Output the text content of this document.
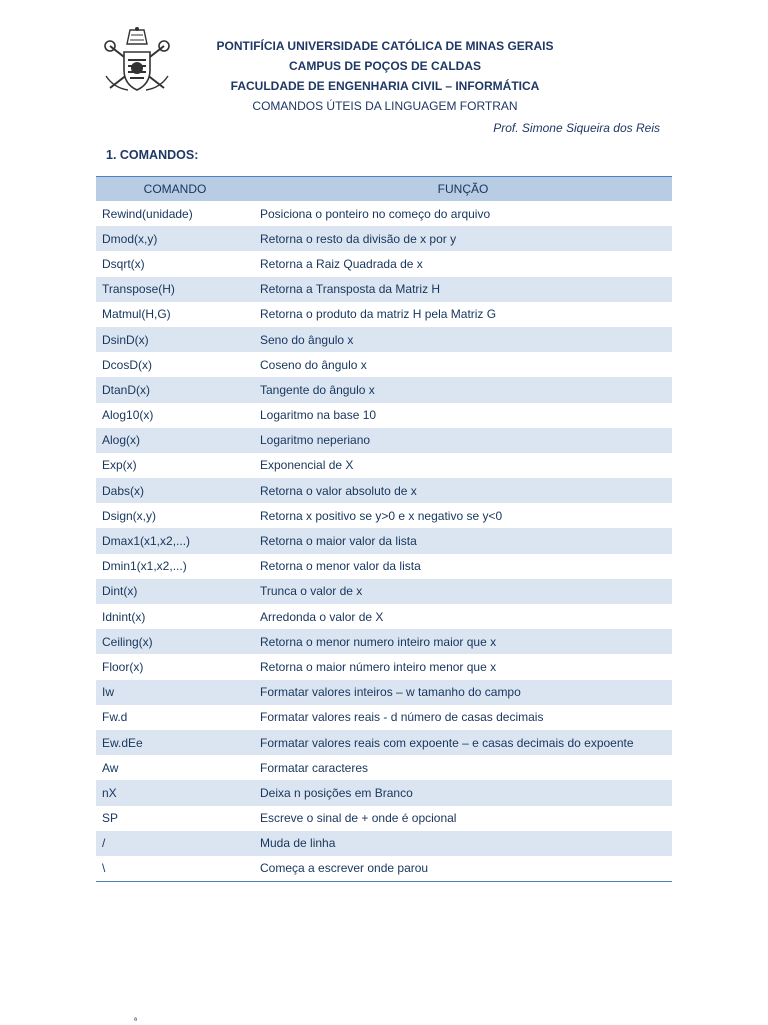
PONTIFÍCIA UNIVERSIDADE CATÓLICA DE MINAS GERAIS
CAMPUS DE POÇOS DE CALDAS
FACULDADE DE ENGENHARIA CIVIL – INFORMÁTICA
COMANDOS ÚTEIS DA LINGUAGEM FORTRAN
Prof. Simone Siqueira dos Reis
1. COMANDOS:
COMANDO	FUNÇÃO
Rewind(unidade)	Posiciona o ponteiro no começo do arquivo
Dmod(x,y)	Retorna o resto da divisão de x por y
Dsqrt(x)	Retorna a Raiz Quadrada de x
Transpose(H)	Retorna a Transposta da Matriz H
Matmul(H,G)	Retorna o produto da matriz H pela Matriz G
DsinD(x)	Seno do ângulo x
DcosD(x)	Coseno do ângulo x
DtanD(x)	Tangente do ângulo x
Alog10(x)	Logaritmo na base 10
Alog(x)	Logaritmo neperiano
Exp(x)	Exponencial de X
Dabs(x)	Retorna o valor absoluto de x
Dsign(x,y)	Retorna x positivo se y>0 e x negativo se y<0
Dmax1(x1,x2,...)	Retorna o maior valor da lista
Dmin1(x1,x2,...)	Retorna o menor valor da lista
Dint(x)	Trunca o valor de x
Idnint(x)	Arredonda o valor de X
Ceiling(x)	Retorna o menor numero inteiro maior que x
Floor(x)	Retorna o maior número inteiro menor que x
Iw	Formatar valores inteiros – w tamanho do campo
Fw.d	Formatar valores reais - d número de casas decimais
Ew.dEe	Formatar valores reais com expoente – e casas decimais do expoente
Aw	Formatar caracteres
nX	Deixa n posições em Branco
SP	Escreve o sinal de + onde é opcional
/	Muda de linha
\	Começa a escrever onde parou
ª
